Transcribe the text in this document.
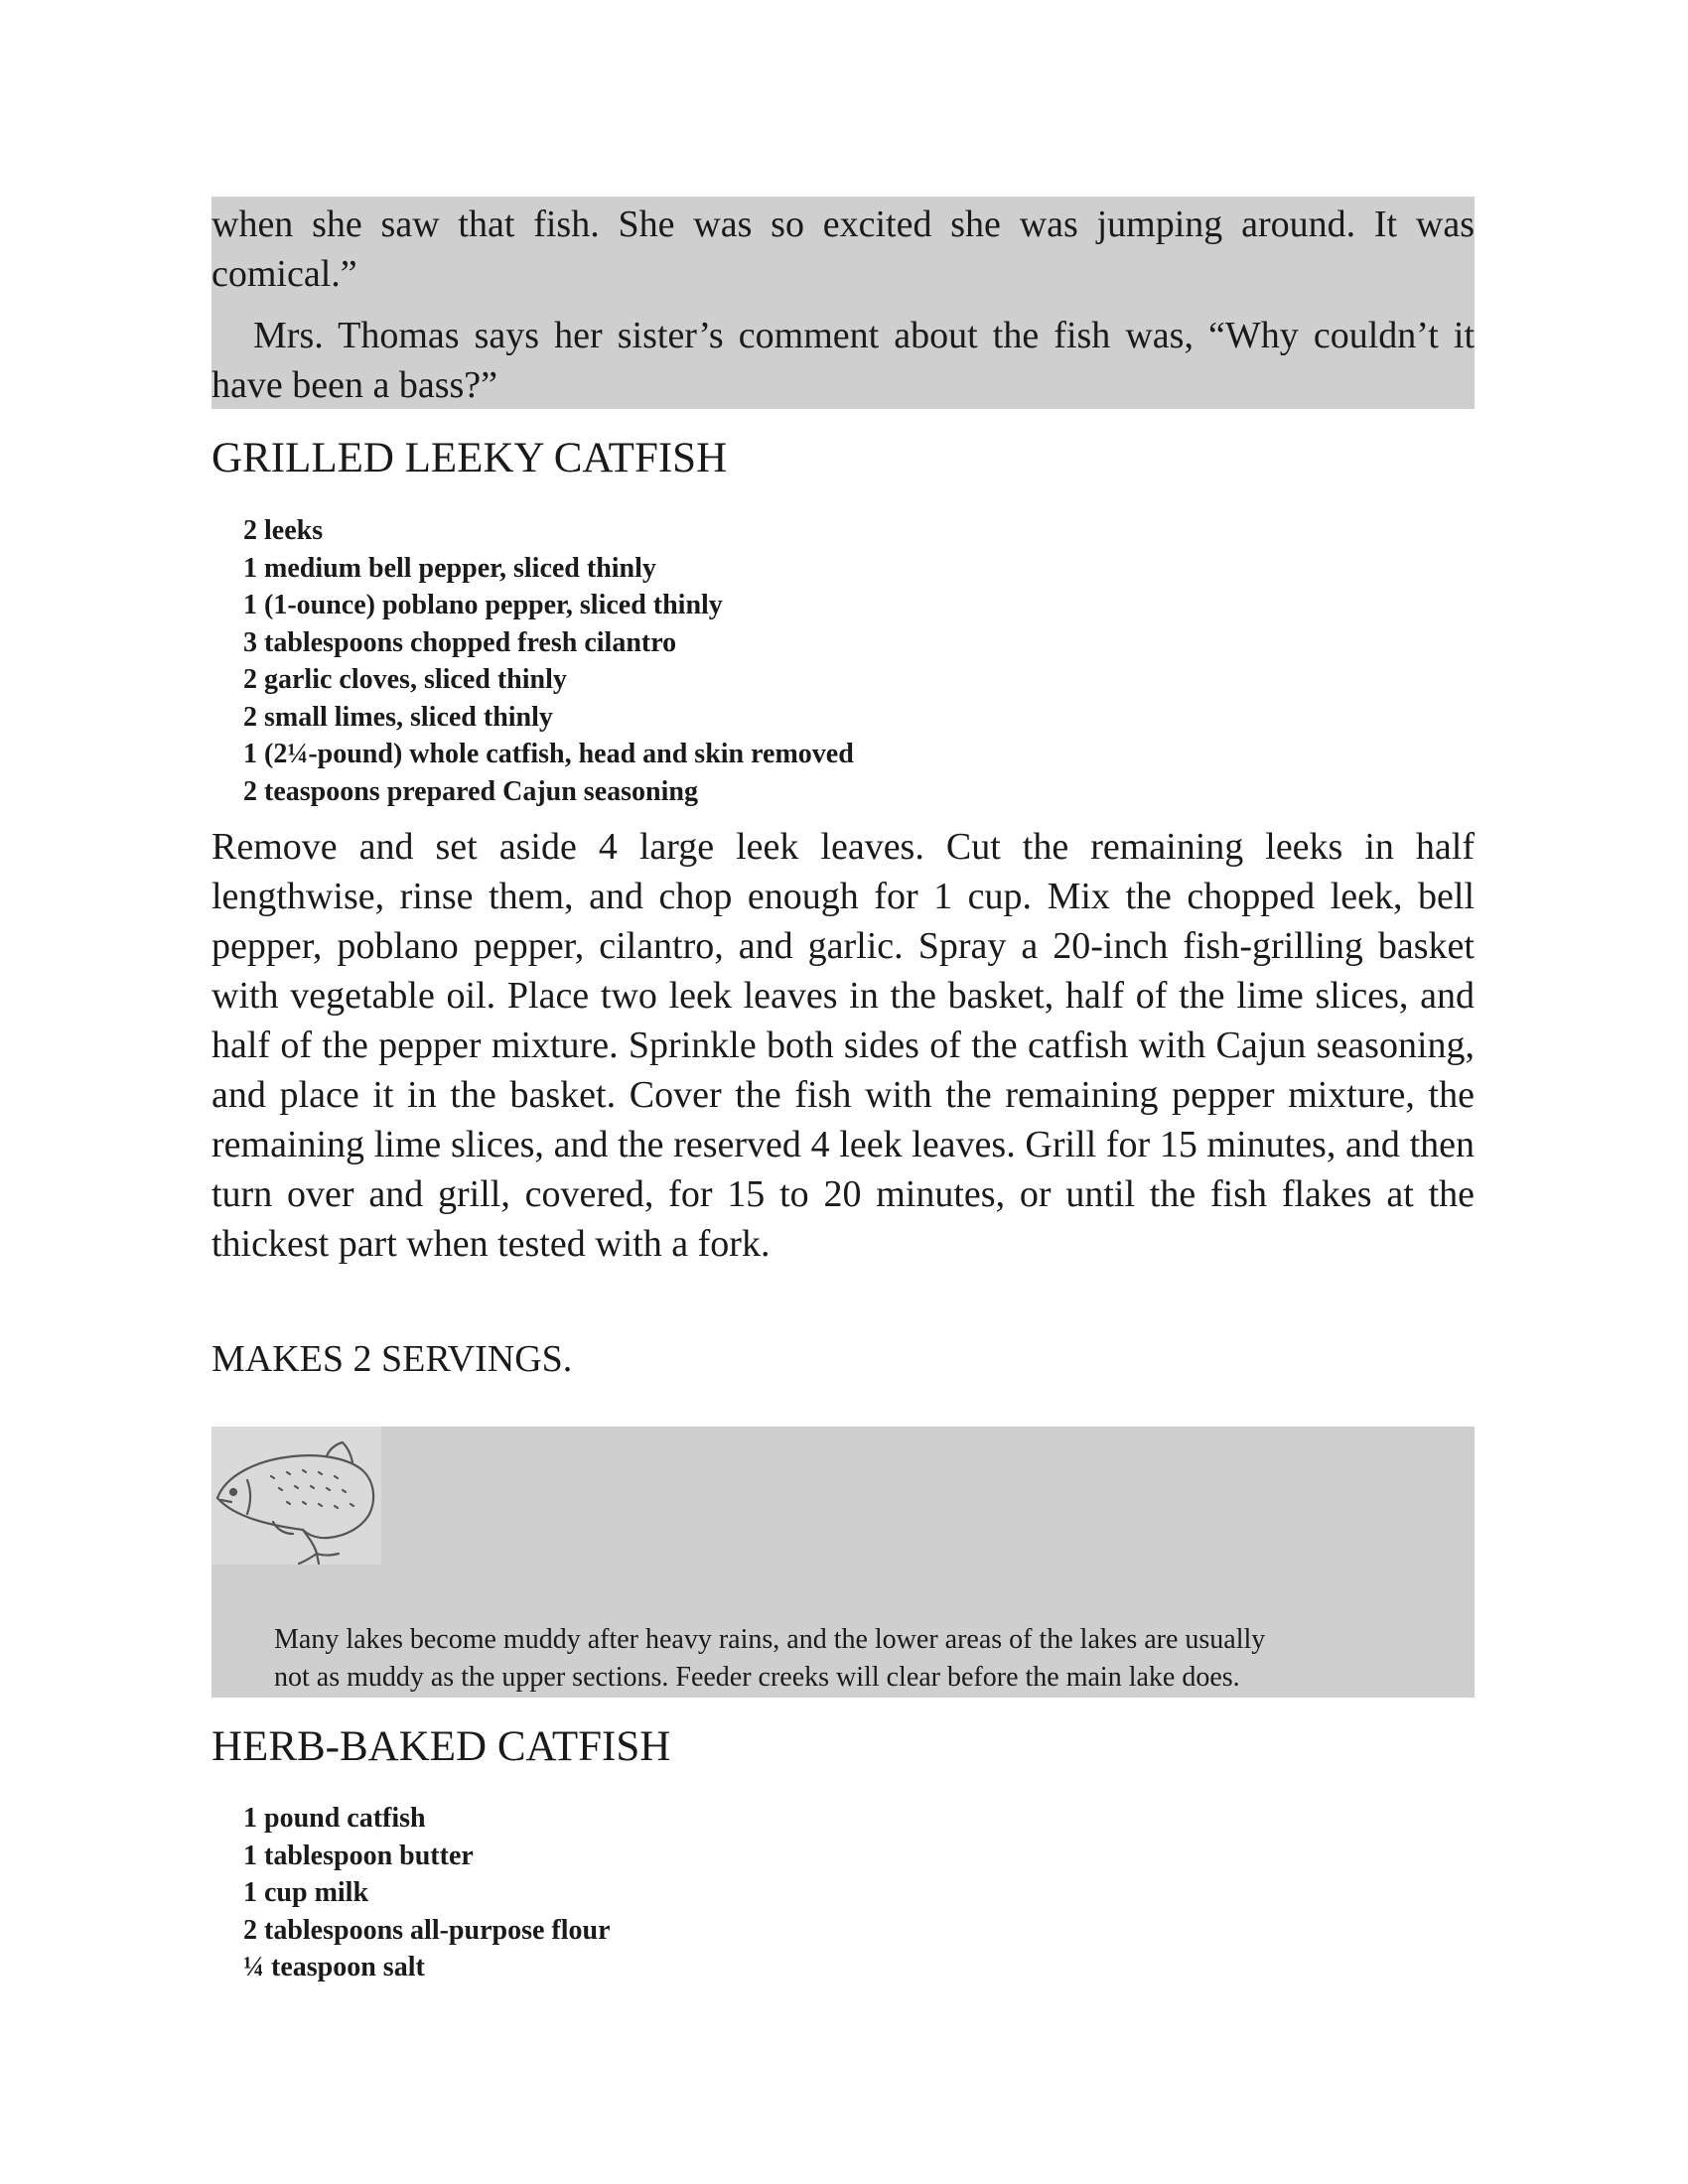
when she saw that fish. She was so excited she was jumping around. It was comical.”

Mrs. Thomas says her sister’s comment about the fish was, “Why couldn’t it have been a bass?”

GRILLED LEEKY CATFISH
2 leeks
1 medium bell pepper, sliced thinly
1 (1-ounce) poblano pepper, sliced thinly
3 tablespoons chopped fresh cilantro
2 garlic cloves, sliced thinly
2 small limes, sliced thinly
1 (2¼-pound) whole catfish, head and skin removed
2 teaspoons prepared Cajun seasoning

Remove and set aside 4 large leek leaves. Cut the remaining leeks in half lengthwise, rinse them, and chop enough for 1 cup. Mix the chopped leek, bell pepper, poblano pepper, cilantro, and garlic. Spray a 20-inch fish-grilling basket with vegetable oil. Place two leek leaves in the basket, half of the lime slices, and half of the pepper mixture. Sprinkle both sides of the catfish with Cajun seasoning, and place it in the basket. Cover the fish with the remaining pepper mixture, the remaining lime slices, and the reserved 4 leek leaves. Grill for 15 minutes, and then turn over and grill, covered, for 15 to 20 minutes, or until the fish flakes at the thickest part when tested with a fork.

MAKES 2 SERVINGS.

Many lakes become muddy after heavy rains, and the lower areas of the lakes are usually
not as muddy as the upper sections. Feeder creeks will clear before the main lake does.

HERB-BAKED CATFISH
1 pound catfish
1 tablespoon butter
1 cup milk
2 tablespoons all-purpose flour
¼ teaspoon salt
